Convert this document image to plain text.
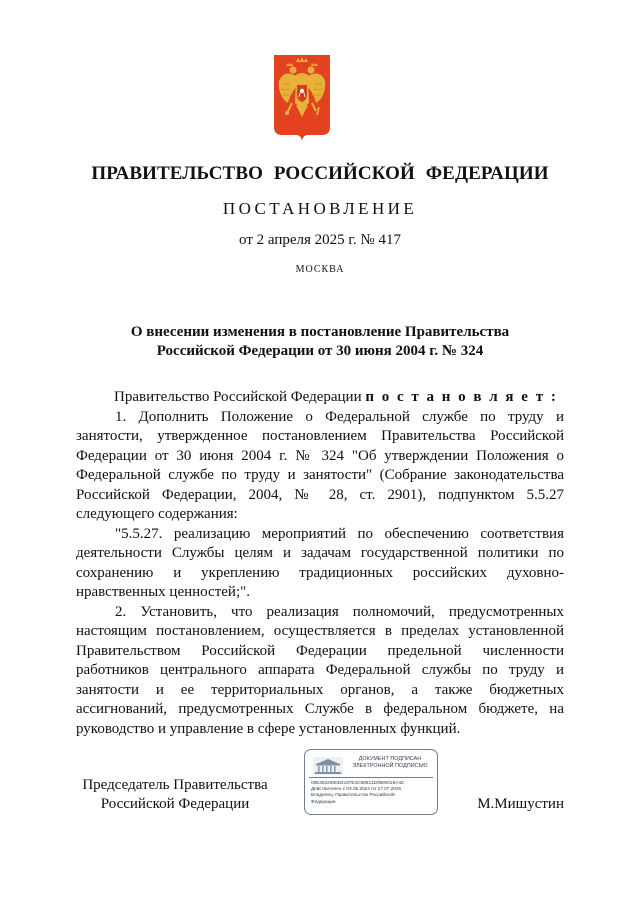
ПРАВИТЕЛЬСТВО РОССИЙСКОЙ ФЕДЕРАЦИИ
ПОСТАНОВЛЕНИЕ
от 2 апреля 2025 г. № 417
МОСКВА
О внесении изменения в постановление Правительства
Российской Федерации от 30 июня 2004 г. № 324

Правительство Российской Федерации п о с т а н о в л я е т :

1. Дополнить Положение о Федеральной службе по труду и занятости, утвержденное постановлением Правительства Российской Федерации от 30 июня 2004 г. № 324 "Об утверждении Положения о Федеральной службе по труду и занятости" (Собрание законодательства Российской Федерации, 2004, № 28, ст. 2901), подпунктом 5.5.27 следующего содержания:

"5.5.27. реализацию мероприятий по обеспечению соответствия деятельности Службы целям и задачам государственной политики по сохранению и укреплению традиционных российских духовно-нравственных ценностей;".

2. Установить, что реализация полномочий, предусмотренных настоящим постановлением, осуществляется в пределах установленной Правительством Российской Федерации предельной численности работников центрального аппарата Федеральной службы по труду и занятости и ее территориальных органов, а также бюджетных ассигнований, предусмотренных Службе в федеральном бюджете, на руководство и управление в сфере установленных функций.

Председатель Правительства
Российской Федерации
ДОКУМЕНТ ПОДПИСАН
ЭЛЕКТРОННОЙ ПОДПИСЬЮ
00E3632080D2197E4C88921D0890028A4C
Действителен с 03.05.2024 по 27.07.2025
Владелец: Правительство Российской
Федерации	М.Мишустин
